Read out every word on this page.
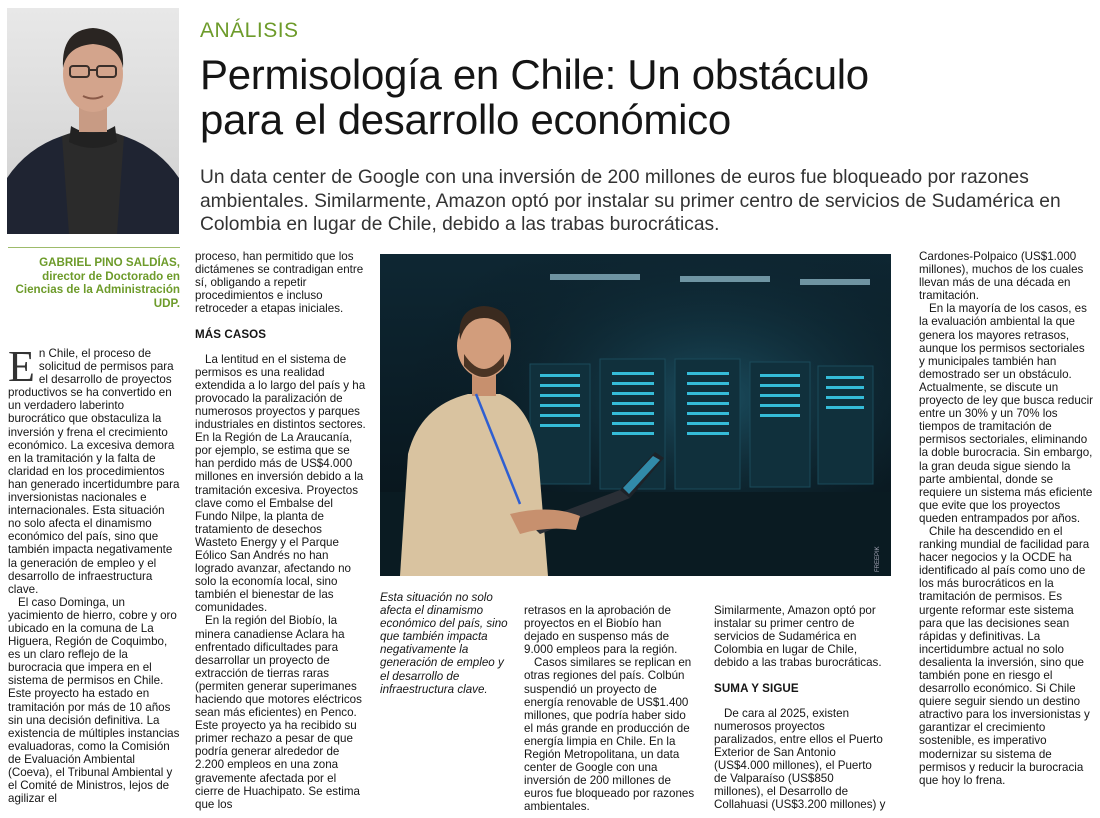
GABRIEL PINO SALDÍAS,
director de Doctorado en Ciencias de la Administración UDP.
ANÁLISIS
Permisología en Chile: Un obstáculo
para el desarrollo económico
Un data center de Google con una inversión de 200 millones de euros fue bloqueado por razones ambientales. Similarmente, Amazon optó por instalar su primer centro de servicios de Sudamérica en Colombia en lugar de Chile, debido a las trabas burocráticas.

En Chile, el proceso de solicitud de permisos para el desarrollo de proyectos productivos se ha convertido en un verdadero laberinto burocrático que obstaculiza la inversión y frena el crecimiento económico. La excesiva demora en la tramitación y la falta de claridad en los procedimientos han generado incertidumbre para inversionistas nacionales e internacionales. Esta situación no solo afecta el dinamismo económico del país, sino que también impacta negativamente la generación de empleo y el desarrollo de infraestructura clave.

El caso Dominga, un yacimiento de hierro, cobre y oro ubicado en la comuna de La Higuera, Región de Coquimbo, es un claro reflejo de la burocracia que impera en el sistema de permisos en Chile. Este proyecto ha estado en tramitación por más de 10 años sin una decisión definitiva. La existencia de múltiples instancias evaluadoras, como la Comisión de Evaluación Ambiental (Coeva), el Tribunal Ambiental y el Comité de Ministros, lejos de agilizar el

proceso, han permitido que los dictámenes se contradigan entre sí, obligando a repetir procedimientos e incluso retroceder a etapas iniciales.

MÁS CASOS

La lentitud en el sistema de permisos es una realidad extendida a lo largo del país y ha provocado la paralización de numerosos proyectos y parques industriales en distintos sectores. En la Región de La Araucanía, por ejemplo, se estima que se han perdido más de US$4.000 millones en inversión debido a la tramitación excesiva. Proyectos clave como el Embalse del Fundo Nilpe, la planta de tratamiento de desechos Wasteto Energy y el Parque Eólico San Andrés no han logrado avanzar, afectando no solo la economía local, sino también el bienestar de las comunidades.

En la región del Biobío, la minera canadiense Aclara ha enfrentado dificultades para desarrollar un proyecto de extracción de tierras raras (permiten generar superimanes haciendo que motores eléctricos sean más eficientes) en Penco. Este proyecto ya ha recibido su primer rechazo a pesar de que podría generar alrededor de 2.200 empleos en una zona gravemente afectada por el cierre de Huachipato. Se estima que los

FREEPIK
Esta situación no solo afecta el dinamismo económico del país, sino que también impacta negativamente la generación de empleo y el desarrollo de infraestructura clave.

retrasos en la aprobación de proyectos en el Biobío han dejado en suspenso más de 9.000 empleos para la región.

Casos similares se replican en otras regiones del país. Colbún suspendió un proyecto de energía renovable de US$1.400 millones, que podría haber sido el más grande en producción de energía limpia en Chile. En la Región Metropolitana, un data center de Google con una inversión de 200 millones de euros fue bloqueado por razones ambientales.

Similarmente, Amazon optó por instalar su primer centro de servicios de Sudamérica en Colombia en lugar de Chile, debido a las trabas burocráticas.

SUMA Y SIGUE

De cara al 2025, existen numerosos proyectos paralizados, entre ellos el Puerto Exterior de San Antonio (US$4.000 millones), el Puerto de Valparaíso (US$850 millones), el Desarrollo de Collahuasi (US$3.200 millones) y

Cardones-Polpaico (US$1.000 millones), muchos de los cuales llevan más de una década en tramitación.

En la mayoría de los casos, es la evaluación ambiental la que genera los mayores retrasos, aunque los permisos sectoriales y municipales también han demostrado ser un obstáculo. Actualmente, se discute un proyecto de ley que busca reducir entre un 30% y un 70% los tiempos de tramitación de permisos sectoriales, eliminando la doble burocracia. Sin embargo, la gran deuda sigue siendo la parte ambiental, donde se requiere un sistema más eficiente que evite que los proyectos queden entrampados por años.

Chile ha descendido en el ranking mundial de facilidad para hacer negocios y la OCDE ha identificado al país como uno de los más burocráticos en la tramitación de permisos. Es urgente reformar este sistema para que las decisiones sean rápidas y definitivas. La incertidumbre actual no solo desalienta la inversión, sino que también pone en riesgo el desarrollo económico. Si Chile quiere seguir siendo un destino atractivo para los inversionistas y garantizar el crecimiento sostenible, es imperativo modernizar su sistema de permisos y reducir la burocracia que hoy lo frena.
